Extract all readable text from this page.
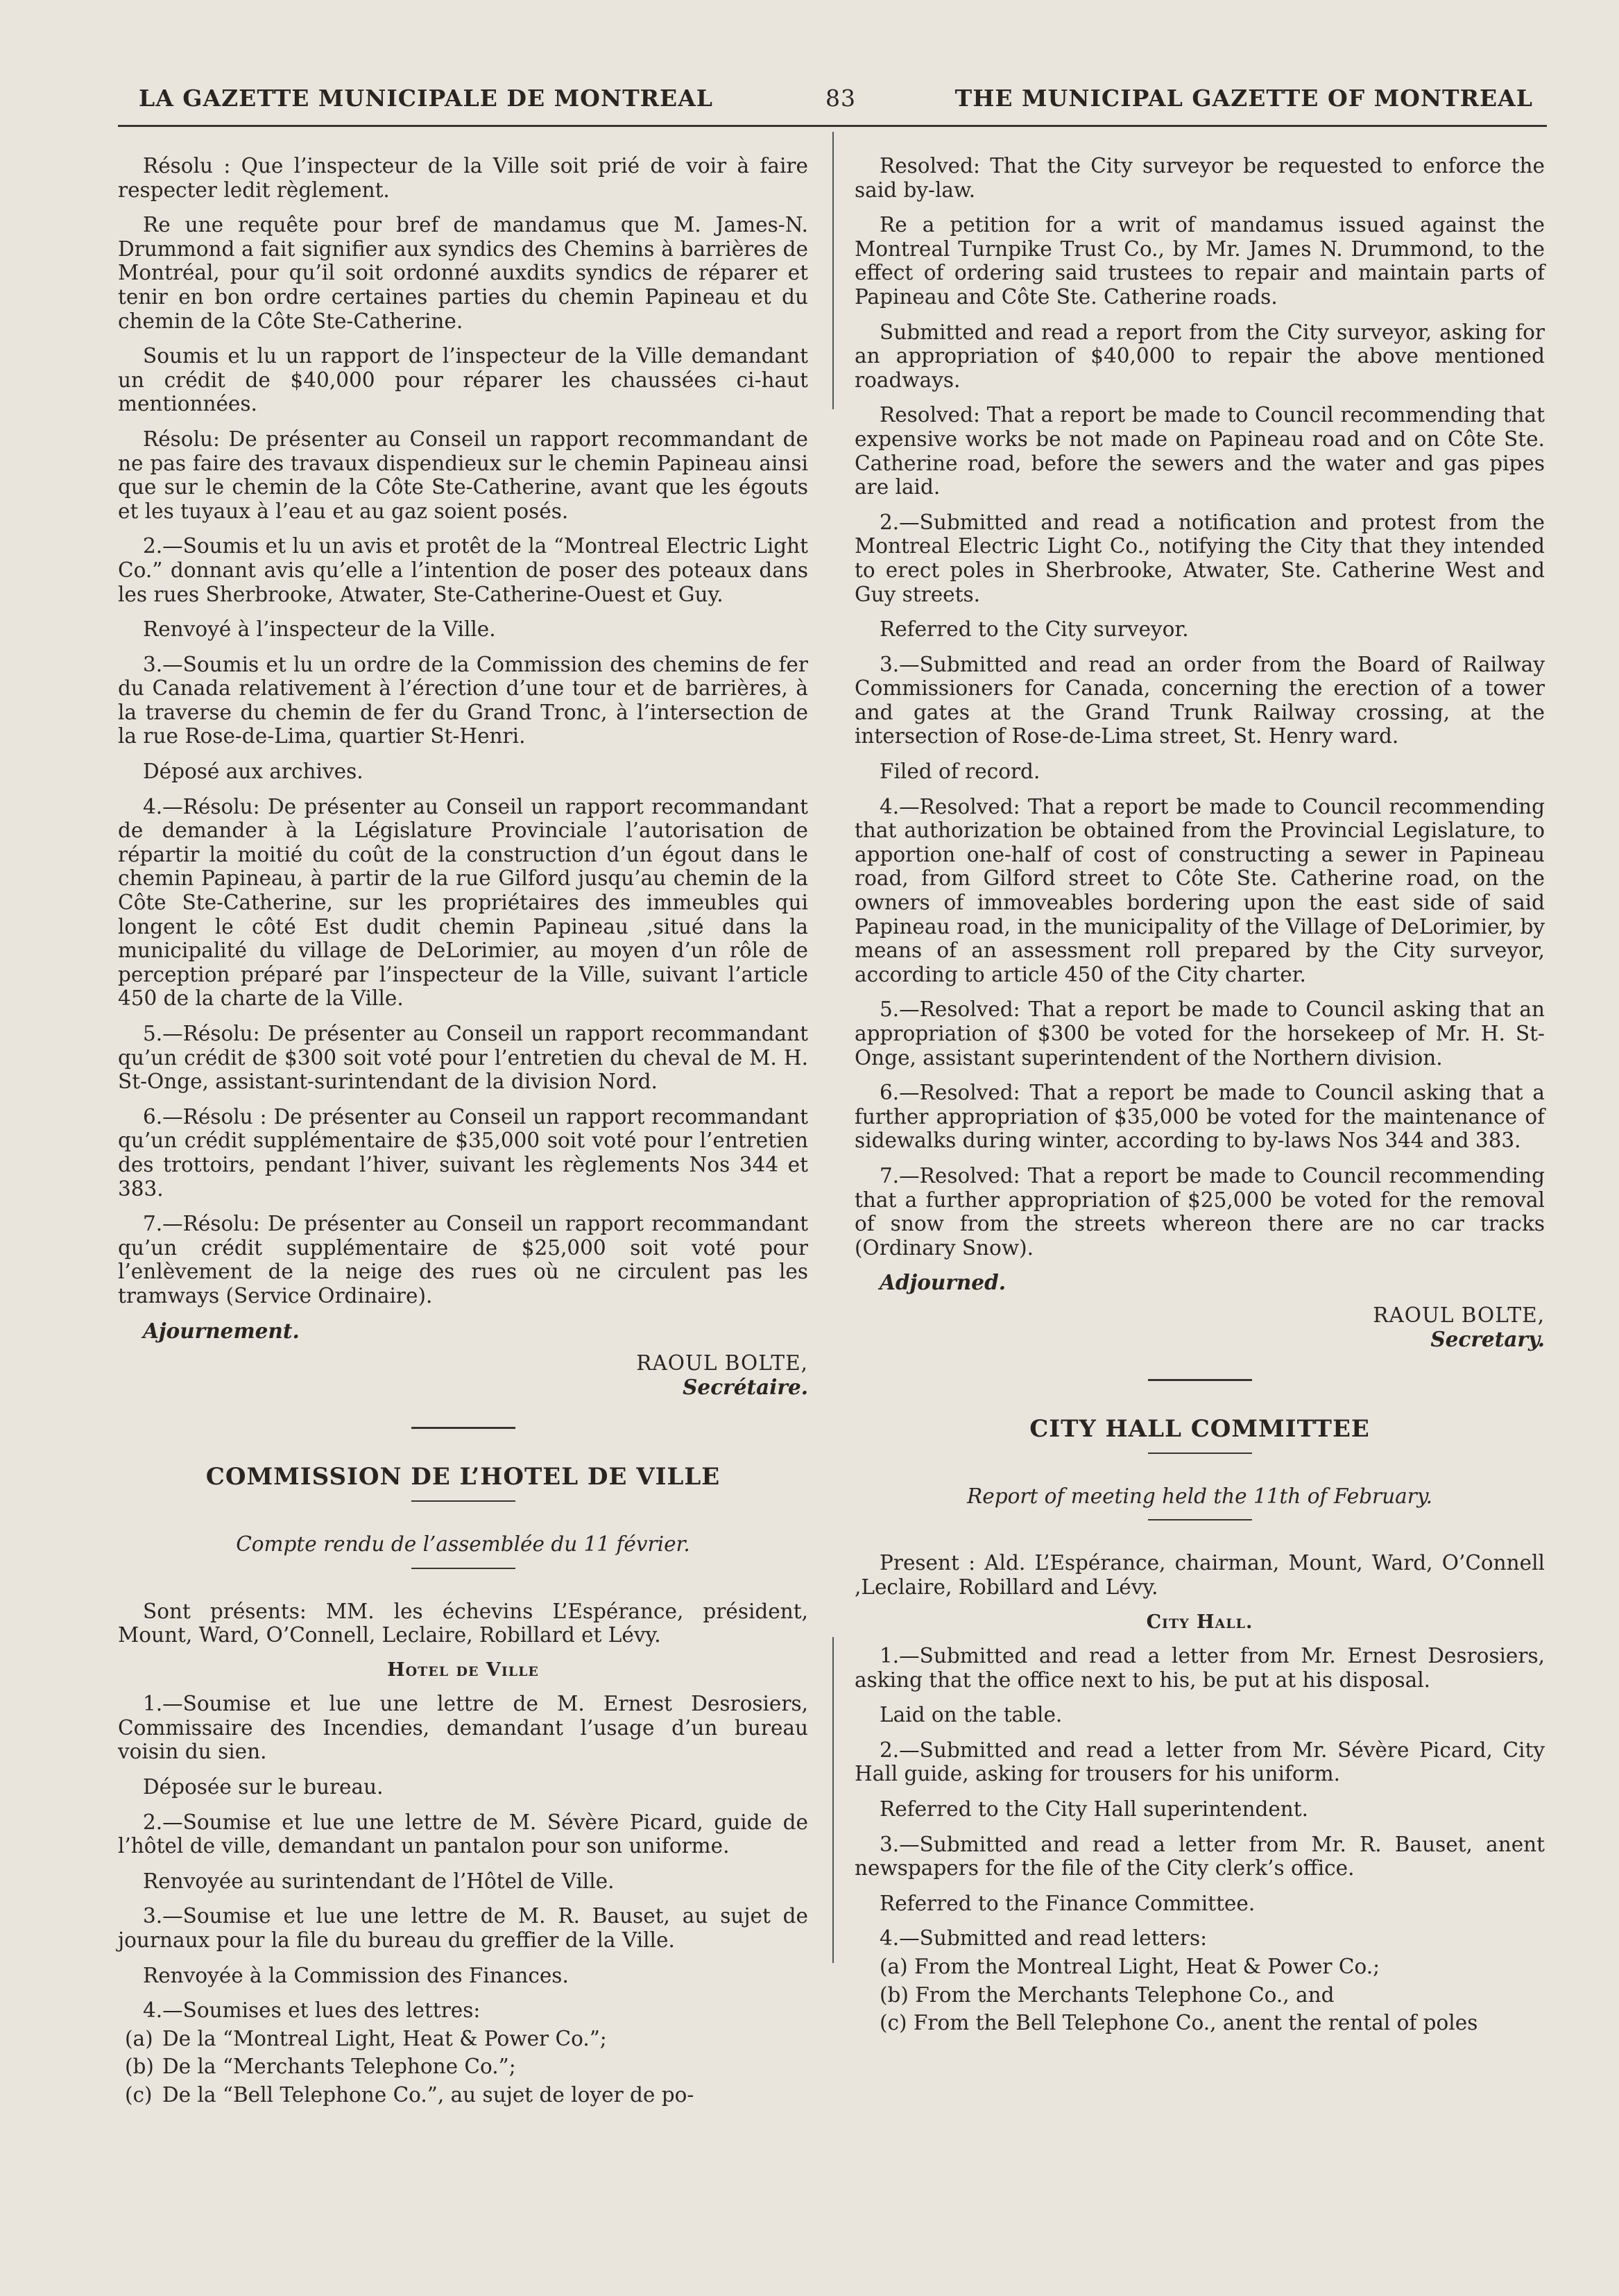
LA GAZETTE MUNICIPALE DE MONTREAL	83	THE MUNICIPAL GAZETTE OF MONTREAL

Résolu : Que l’inspecteur de la Ville soit prié de voir à faire respecter ledit règlement.

Re une requête pour bref de mandamus que M. James-N. Drummond a fait signifier aux syndics des Chemins à barrières de Montréal, pour qu’il soit ordonné auxdits syndics de réparer et tenir en bon ordre certaines parties du chemin Papineau et du chemin de la Côte Ste-Catherine.

Soumis et lu un rapport de l’inspecteur de la Ville demandant un crédit de $40,000 pour réparer les chaussées ci-haut mentionnées.

Résolu: De présenter au Conseil un rapport recommandant de ne pas faire des travaux dispendieux sur le chemin Papineau ainsi que sur le chemin de la Côte Ste-Catherine, avant que les égouts et les tuyaux à l’eau et au gaz soient posés.

2.—Soumis et lu un avis et protêt de la “Montreal Electric Light Co.” donnant avis qu’elle a l’intention de poser des poteaux dans les rues Sherbrooke, Atwater, Ste-Catherine-Ouest et Guy.

Renvoyé à l’inspecteur de la Ville.

3.—Soumis et lu un ordre de la Commission des chemins de fer du Canada relativement à l’érection d’une tour et de barrières, à la traverse du chemin de fer du Grand Tronc, à l’intersection de la rue Rose-de-Lima, quartier St-Henri.

Déposé aux archives.

4.—Résolu: De présenter au Conseil un rapport recommandant de demander à la Législature Provinciale l’autorisation de répartir la moitié du coût de la construction d’un égout dans le chemin Papineau, à partir de la rue Gilford jusqu’au chemin de la Côte Ste-Catherine, sur les propriétaires des immeubles qui longent le côté Est dudit chemin Papineau ,situé dans la municipalité du village de DeLorimier, au moyen d’un rôle de perception préparé par l’inspecteur de la Ville, suivant l’article 450 de la charte de la Ville.

5.—Résolu: De présenter au Conseil un rapport recommandant qu’un crédit de $300 soit voté pour l’entretien du cheval de M. H. St-Onge, assistant-surintendant de la division Nord.

6.—Résolu : De présenter au Conseil un rapport recommandant qu’un crédit supplémentaire de $35,000 soit voté pour l’entretien des trottoirs, pendant l’hiver, suivant les règlements Nos 344 et 383.

7.—Résolu: De présenter au Conseil un rapport recommandant qu’un crédit supplémentaire de $25,000 soit voté pour l’enlèvement de la neige des rues où ne circulent pas les tramways (Service Ordinaire).

Ajournement.

RAOUL BOLTE,

Secrétaire.

COMMISSION DE L’HOTEL DE VILLE

Compte rendu de l’assemblée du 11 février.

Sont présents: MM. les échevins L’Espérance, président, Mount, Ward, O’Connell, Leclaire, Robillard et Lévy.

Hotel de Ville

1.—Soumise et lue une lettre de M. Ernest Desrosiers, Commissaire des Incendies, demandant l’usage d’un bureau voisin du sien.

Déposée sur le bureau.

2.—Soumise et lue une lettre de M. Sévère Picard, guide de l’hôtel de ville, demandant un pantalon pour son uniforme.

Renvoyée au surintendant de l’Hôtel de Ville.

3.—Soumise et lue une lettre de M. R. Bauset, au sujet de journaux pour la file du bureau du greffier de la Ville.

Renvoyée à la Commission des Finances.

4.—Soumises et lues des lettres:

(a) De la “Montreal Light, Heat & Power Co.”;

(b) De la “Merchants Telephone Co.”;

(c) De la “Bell Telephone Co.”, au sujet de loyer de po-

Resolved: That the City surveyor be requested to enforce the said by-law.

Re a petition for a writ of mandamus issued against the Montreal Turnpike Trust Co., by Mr. James N. Drummond, to the effect of ordering said trustees to repair and maintain parts of Papineau and Côte Ste. Catherine roads.

Submitted and read a report from the City surveyor, asking for an appropriation of $40,000 to repair the above mentioned roadways.

Resolved: That a report be made to Council recommending that expensive works be not made on Papineau road and on Côte Ste. Catherine road, before the sewers and the water and gas pipes are laid.

2.—Submitted and read a notification and protest from the Montreal Electric Light Co., notifying the City that they intended to erect poles in Sherbrooke, Atwater, Ste. Catherine West and Guy streets.

Referred to the City surveyor.

3.—Submitted and read an order from the Board of Railway Commissioners for Canada, concerning the erection of a tower and gates at the Grand Trunk Railway crossing, at the intersection of Rose-de-Lima street, St. Henry ward.

Filed of record.

4.—Resolved: That a report be made to Council recommending that authorization be obtained from the Provincial Legislature, to apportion one-half of cost of constructing a sewer in Papineau road, from Gilford street to Côte Ste. Catherine road, on the owners of immoveables bordering upon the east side of said Papineau road, in the municipality of the Village of DeLorimier, by means of an assessment roll prepared by the City surveyor, according to article 450 of the City charter.

5.—Resolved: That a report be made to Council asking that an appropriation of $300 be voted for the horsekeep of Mr. H. St-Onge, assistant superintendent of the Northern division.

6.—Resolved: That a report be made to Council asking that a further appropriation of $35,000 be voted for the maintenance of sidewalks during winter, according to by-laws Nos 344 and 383.

7.—Resolved: That a report be made to Council recommending that a further appropriation of $25,000 be voted for the removal of snow from the streets whereon there are no car tracks (Ordinary Snow).

Adjourned.

RAOUL BOLTE,

Secretary.

CITY HALL COMMITTEE

Report of meeting held the 11th of February.

Present : Ald. L’Espérance, chairman, Mount, Ward, O’Connell ,Leclaire, Robillard and Lévy.

City Hall.

1.—Submitted and read a letter from Mr. Ernest Desrosiers, asking that the office next to his, be put at his disposal.

Laid on the table.

2.—Submitted and read a letter from Mr. Sévère Picard, City Hall guide, asking for trousers for his uniform.

Referred to the City Hall superintendent.

3.—Submitted and read a letter from Mr. R. Bauset, anent newspapers for the file of the City clerk’s office.

Referred to the Finance Committee.

4.—Submitted and read letters:

(a) From the Montreal Light, Heat & Power Co.;

(b) From the Merchants Telephone Co., and

(c) From the Bell Telephone Co., anent the rental of poles
